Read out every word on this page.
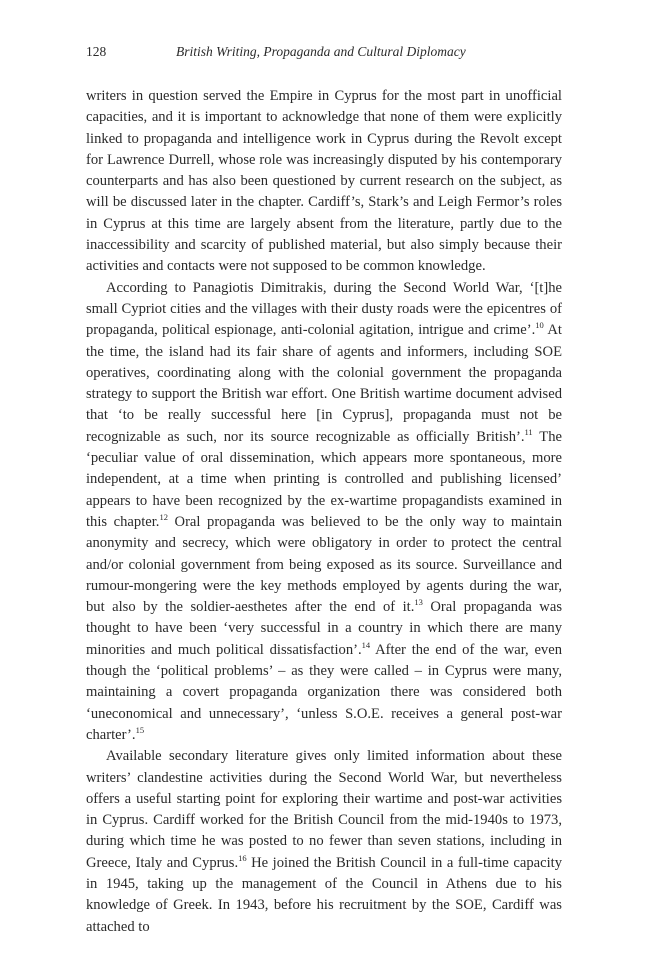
128	British Writing, Propaganda and Cultural Diplomacy

writers in question served the Empire in Cyprus for the most part in unofficial capacities, and it is important to acknowledge that none of them were explicitly linked to propaganda and intelligence work in Cyprus during the Revolt except for Lawrence Durrell, whose role was increasingly disputed by his contemporary counterparts and has also been questioned by current research on the subject, as will be discussed later in the chapter. Cardiff’s, Stark’s and Leigh Fermor’s roles in Cyprus at this time are largely absent from the literature, partly due to the inaccessibility and scarcity of published material, but also simply because their activities and contacts were not supposed to be common knowledge.

According to Panagiotis Dimitrakis, during the Second World War, ‘[t]he small Cypriot cities and the villages with their dusty roads were the epicentres of propaganda, political espionage, anti-colonial agitation, intrigue and crime’.$^{10}$ At the time, the island had its fair share of agents and informers, including SOE operatives, coordinating along with the colonial government the propaganda strategy to support the British war effort. One British wartime document advised that ‘to be really successful here [in Cyprus], propaganda must not be recognizable as such, nor its source recognizable as officially British’.$^{11}$ The ‘peculiar value of oral dissemination, which appears more spontaneous, more independent, at a time when printing is controlled and publishing licensed’ appears to have been recognized by the ex-wartime propagandists examined in this chapter.$^{12}$ Oral propaganda was believed to be the only way to maintain anonymity and secrecy, which were obligatory in order to protect the central and/or colonial government from being exposed as its source. Surveillance and rumour-mongering were the key methods employed by agents during the war, but also by the soldier-aesthetes after the end of it.$^{13}$ Oral propaganda was thought to have been ‘very successful in a country in which there are many minorities and much political dissatisfaction’.$^{14}$ After the end of the war, even though the ‘political problems’ – as they were called – in Cyprus were many, maintaining a covert propaganda organization there was considered both ‘uneconomical and unnecessary’, ‘unless S.O.E. receives a general post-war charter’.$^{15}$

Available secondary literature gives only limited information about these writers’ clandestine activities during the Second World War, but nevertheless offers a useful starting point for exploring their wartime and post-war activities in Cyprus. Cardiff worked for the British Council from the mid-1940s to 1973, during which time he was posted to no fewer than seven stations, including in Greece, Italy and Cyprus.$^{16}$ He joined the British Council in a full-time capacity in 1945, taking up the management of the Council in Athens due to his knowledge of Greek. In 1943, before his recruitment by the SOE, Cardiff was attached to
